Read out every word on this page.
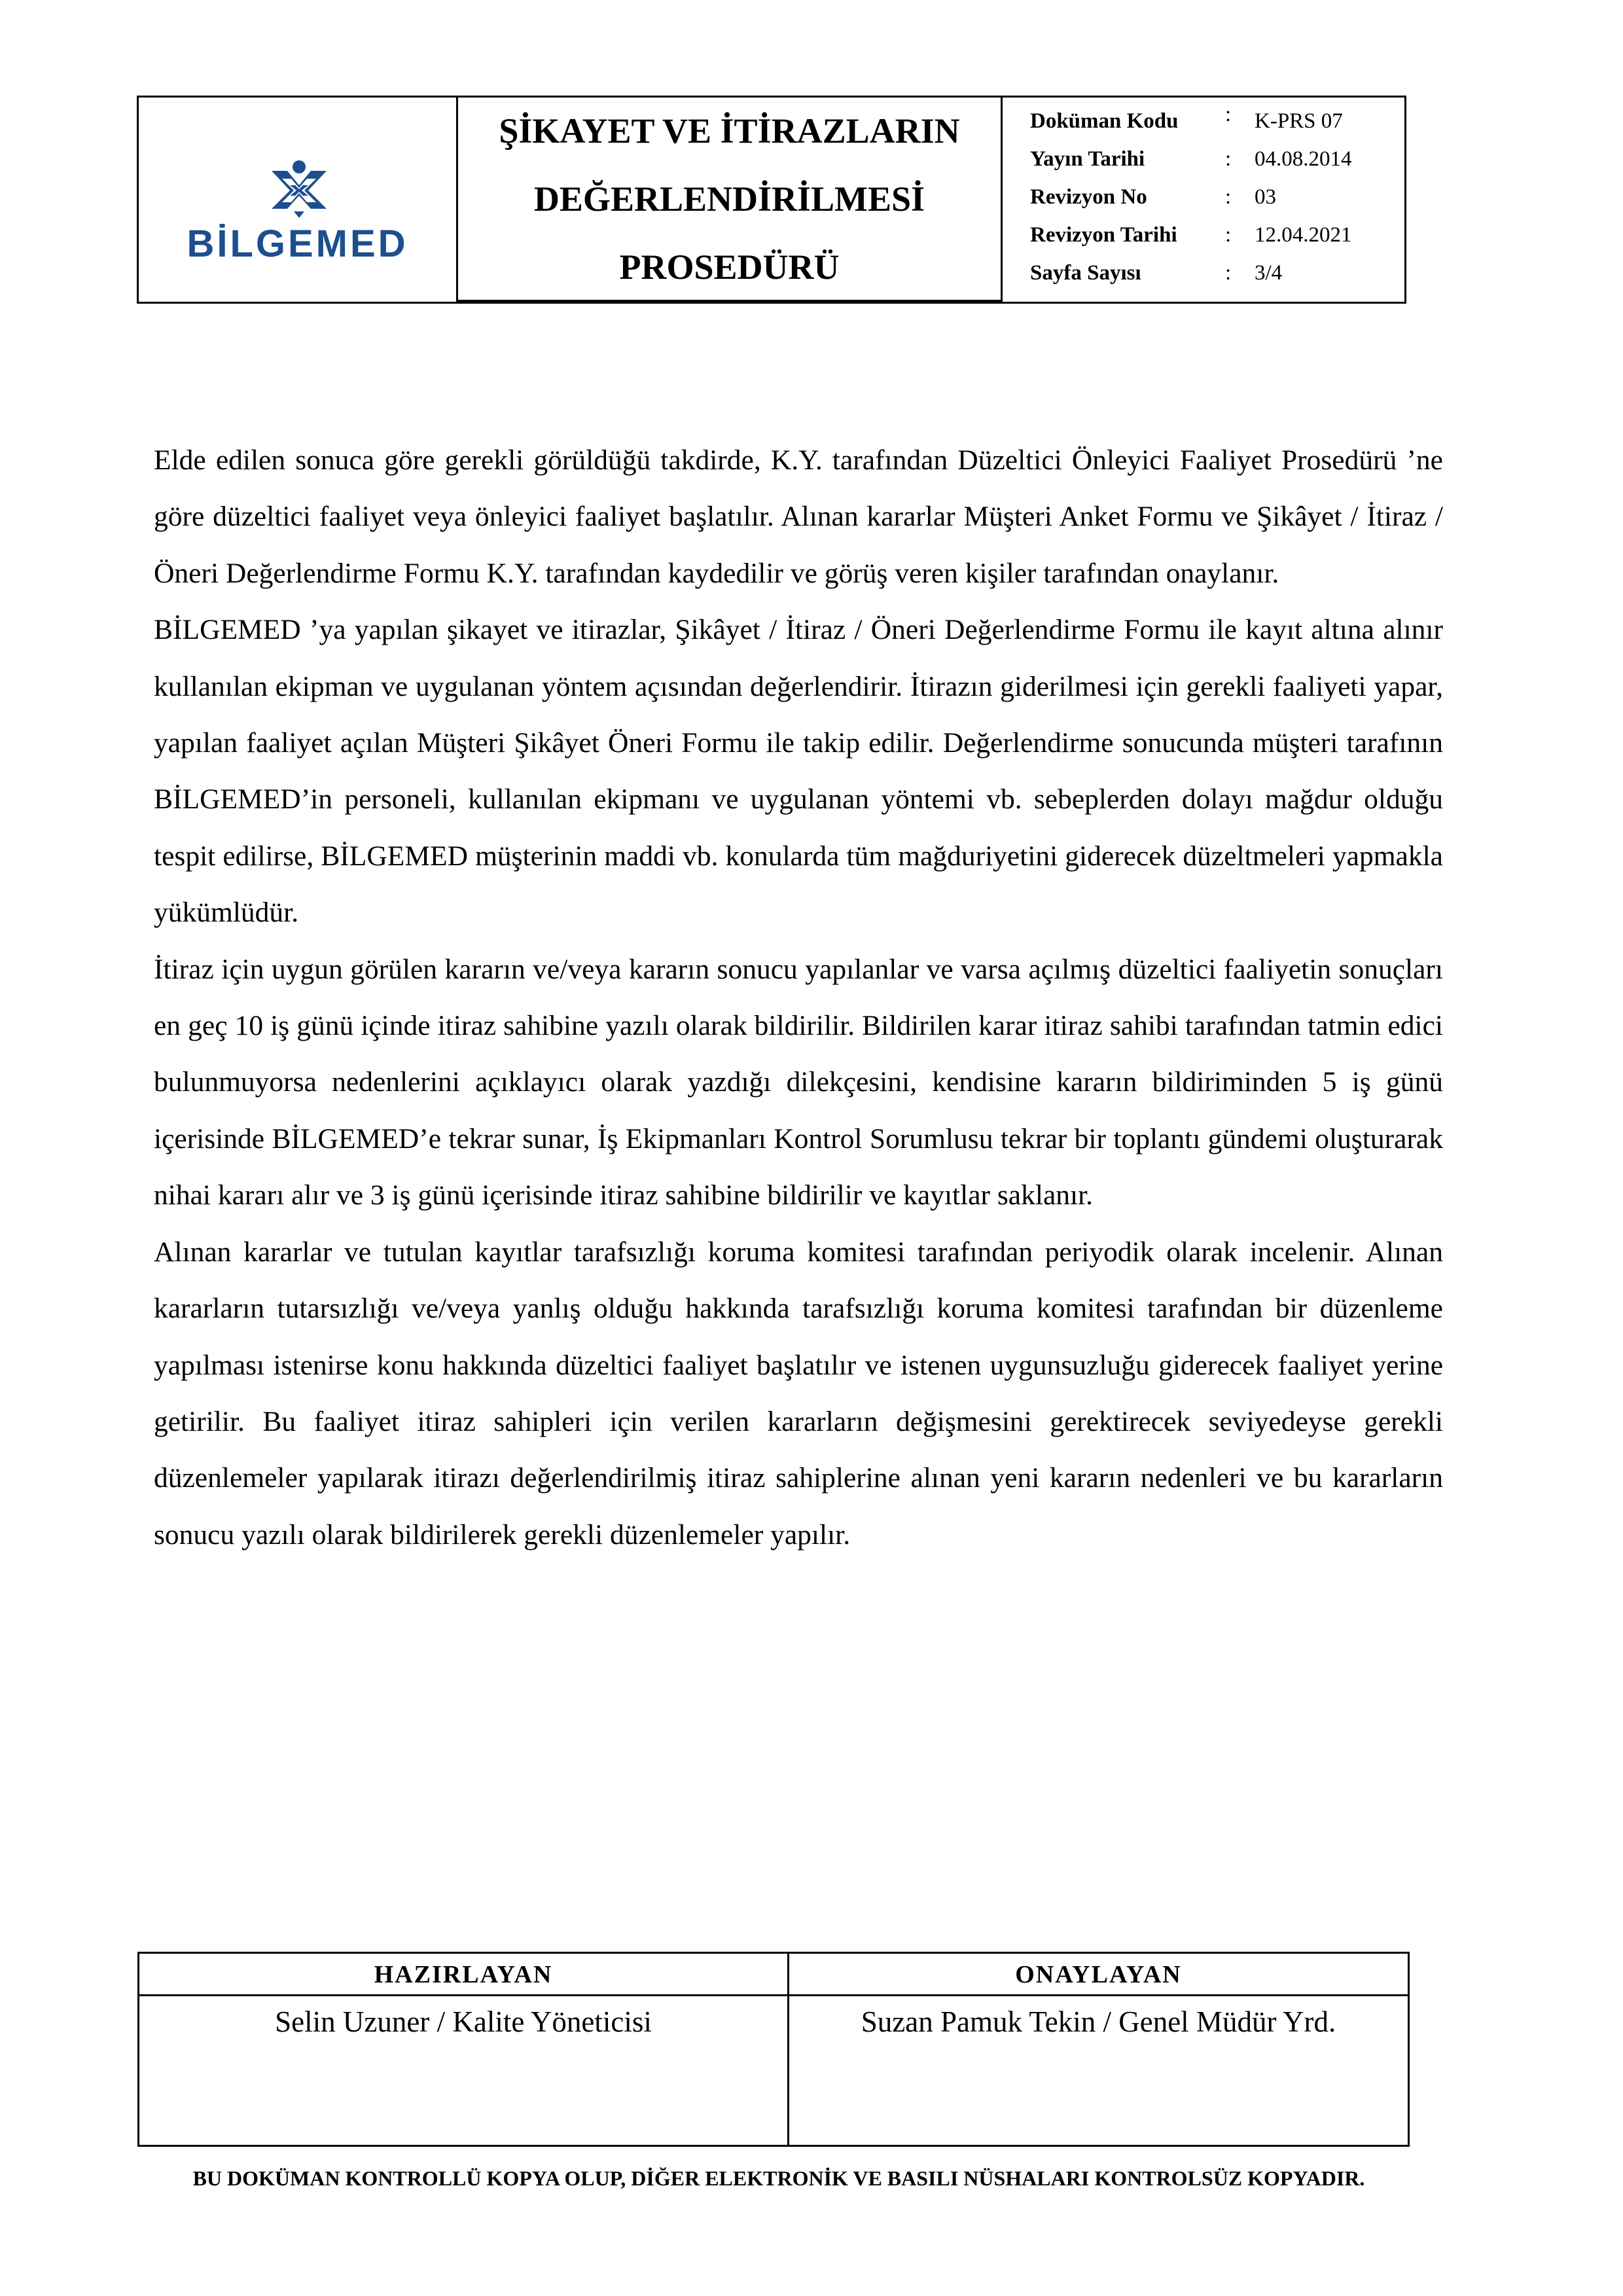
BİLGEMED
ŞİKAYET VE İTİRAZLARIN
DEĞERLENDİRİLMESİ
PROSEDÜRÜ
Doküman Kodu : K-PRS 07
Yayın Tarihi	: 04.08.2014
Revizyon No	: 03
Revizyon Tarihi : 12.04.2021
Sayfa Sayısı	: 3/4

Elde edilen sonuca göre gerekli görüldüğü takdirde, K.Y. tarafından Düzeltici Önleyici Faaliyet Prosedürü ’ne göre düzeltici faaliyet veya önleyici faaliyet başlatılır. Alınan kararlar Müşteri Anket Formu ve Şikâyet / İtiraz / Öneri Değerlendirme Formu K.Y. tarafından kaydedilir ve görüş veren kişiler tarafından onaylanır.

BİLGEMED ’ya yapılan şikayet ve itirazlar, Şikâyet / İtiraz / Öneri Değerlendirme Formu ile kayıt altına alınır kullanılan ekipman ve uygulanan yöntem açısından değerlendirir. İtirazın giderilmesi için gerekli faaliyeti yapar, yapılan faaliyet açılan Müşteri Şikâyet Öneri Formu ile takip edilir. Değerlendirme sonucunda müşteri tarafının BİLGEMED’in personeli, kullanılan ekipmanı ve uygulanan yöntemi vb. sebeplerden dolayı mağdur olduğu tespit edilirse, BİLGEMED müşterinin maddi vb. konularda tüm mağduriyetini giderecek düzeltmeleri yapmakla yükümlüdür.

İtiraz için uygun görülen kararın ve/veya kararın sonucu yapılanlar ve varsa açılmış düzeltici faaliyetin sonuçları en geç 10 iş günü içinde itiraz sahibine yazılı olarak bildirilir. Bildirilen karar itiraz sahibi tarafından tatmin edici bulunmuyorsa nedenlerini açıklayıcı olarak yazdığı dilekçesini, kendisine kararın bildiriminden 5 iş günü içerisinde BİLGEMED’e tekrar sunar, İş Ekipmanları Kontrol Sorumlusu tekrar bir toplantı gündemi oluşturarak nihai kararı alır ve 3 iş günü içerisinde itiraz sahibine bildirilir ve kayıtlar saklanır.

Alınan kararlar ve tutulan kayıtlar tarafsızlığı koruma komitesi tarafından periyodik olarak incelenir. Alınan kararların tutarsızlığı ve/veya yanlış olduğu hakkında tarafsızlığı koruma komitesi tarafından bir düzenleme yapılması istenirse konu hakkında düzeltici faaliyet başlatılır ve istenen uygunsuzluğu giderecek faaliyet yerine getirilir. Bu faaliyet itiraz sahipleri için verilen kararların değişmesini gerektirecek seviyedeyse gerekli düzenlemeler yapılarak itirazı değerlendirilmiş itiraz sahiplerine alınan yeni kararın nedenleri ve bu kararların sonucu yazılı olarak bildirilerek gerekli düzenlemeler yapılır.

HAZIRLAYAN	ONAYLAYAN
Selin Uzuner / Kalite Yöneticisi	Suzan Pamuk Tekin / Genel Müdür Yrd.
BU DOKÜMAN KONTROLLÜ KOPYA OLUP, DİĞER ELEKTRONİK VE BASILI NÜSHALARI KONTROLSÜZ KOPYADIR.
